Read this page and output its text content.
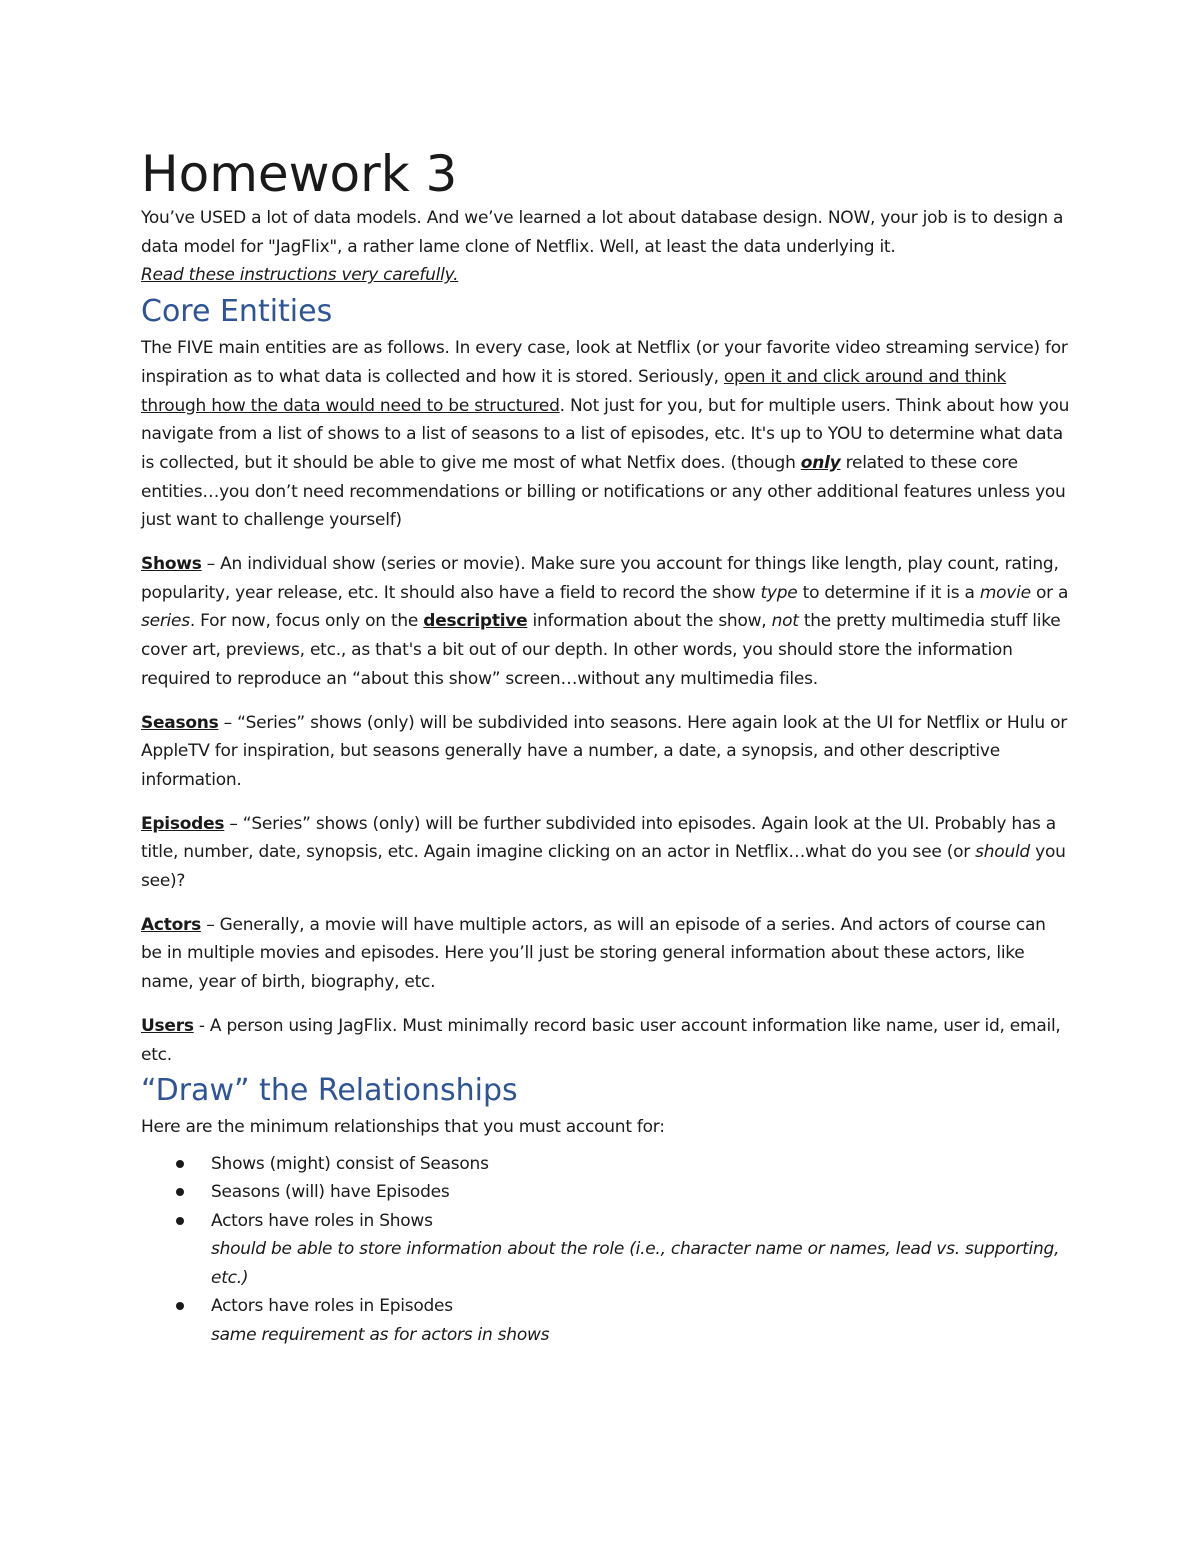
Homework 3

You’ve USED a lot of data models. And we’ve learned a lot about database design. NOW, your job is to design a data model for "JagFlix", a rather lame clone of Netflix. Well, at least the data underlying it.
Read these instructions very carefully.

Core Entities

The FIVE main entities are as follows. In every case, look at Netflix (or your favorite video streaming service) for inspiration as to what data is collected and how it is stored. Seriously, open it and click around and think through how the data would need to be structured. Not just for you, but for multiple users. Think about how you navigate from a list of shows to a list of seasons to a list of episodes, etc. It's up to YOU to determine what data is collected, but it should be able to give me most of what Netfix does. (though only related to these core entities…you don’t need recommendations or billing or notifications or any other additional features unless you just want to challenge yourself)

Shows – An individual show (series or movie). Make sure you account for things like length, play count, rating, popularity, year release, etc. It should also have a field to record the show type to determine if it is a movie or a series. For now, focus only on the descriptive information about the show, not the pretty multimedia stuff like cover art, previews, etc., as that's a bit out of our depth. In other words, you should store the information required to reproduce an “about this show” screen…without any multimedia files.

Seasons – “Series” shows (only) will be subdivided into seasons. Here again look at the UI for Netflix or Hulu or AppleTV for inspiration, but seasons generally have a number, a date, a synopsis, and other descriptive information.

Episodes – “Series” shows (only) will be further subdivided into episodes. Again look at the UI. Probably has a title, number, date, synopsis, etc. Again imagine clicking on an actor in Netflix…what do you see (or should you see)?

Actors – Generally, a movie will have multiple actors, as will an episode of a series. And actors of course can be in multiple movies and episodes. Here you’ll just be storing general information about these actors, like name, year of birth, biography, etc.

Users - A person using JagFlix. Must minimally record basic user account information like name, user id, email, etc.

“Draw” the Relationships

Here are the minimum relationships that you must account for:

Shows (might) consist of Seasons
Seasons (will) have Episodes
Actors have roles in Shows
should be able to store information about the role (i.e., character name or names, lead vs. supporting, etc.)
Actors have roles in Episodes
same requirement as for actors in shows
